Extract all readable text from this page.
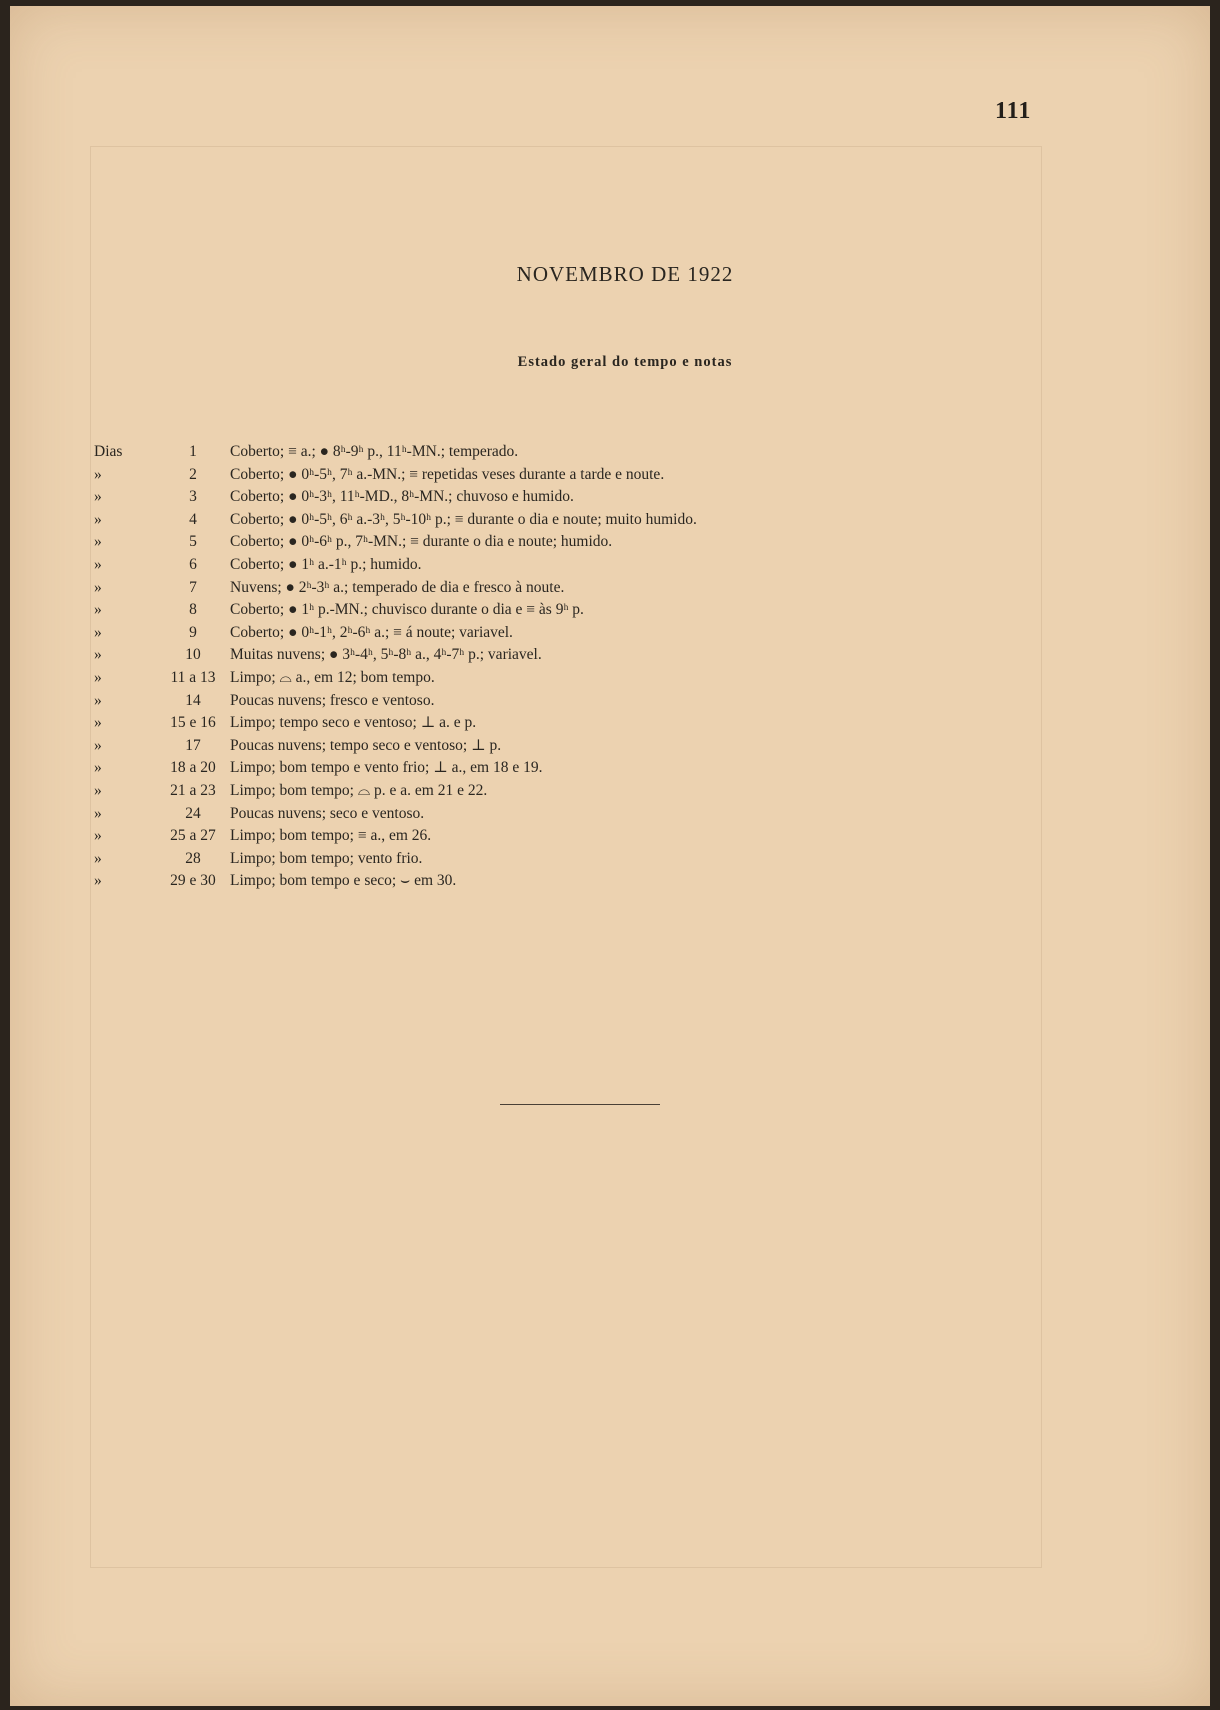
111
NOVEMBRO DE 1922
Estado geral do tempo e notas
Dias	1	Coberto; ≡ a.; ● 8ʰ-9ʰ p., 11ʰ-MN.; temperado.
»	2	Coberto; ● 0ʰ-5ʰ, 7ʰ a.-MN.; ≡ repetidas veses durante a tarde e noute.
»	3	Coberto; ● 0ʰ-3ʰ, 11ʰ-MD., 8ʰ-MN.; chuvoso e humido.
»	4	Coberto; ● 0ʰ-5ʰ, 6ʰ a.-3ʰ, 5ʰ-10ʰ p.; ≡ durante o dia e noute; muito humido.
»	5	Coberto; ● 0ʰ-6ʰ p., 7ʰ-MN.; ≡ durante o dia e noute; humido.
»	6	Coberto; ● 1ʰ a.-1ʰ p.; humido.
»	7	Nuvens; ● 2ʰ-3ʰ a.; temperado de dia e fresco à noute.
»	8	Coberto; ● 1ʰ p.-MN.; chuvisco durante o dia e ≡ às 9ʰ p.
»	9	Coberto; ● 0ʰ-1ʰ, 2ʰ-6ʰ a.; ≡ á noute; variavel.
»	10	Muitas nuvens; ● 3ʰ-4ʰ, 5ʰ-8ʰ a., 4ʰ-7ʰ p.; variavel.
»	11 a 13 Limpo; ⌓ a., em 12; bom tempo.
»	14	Poucas nuvens; fresco e ventoso.
»	15 e 16 Limpo; tempo seco e ventoso; ⊥ a. e p.
»	17	Poucas nuvens; tempo seco e ventoso; ⊥ p.
»	18 a 20 Limpo; bom tempo e vento frio; ⊥ a., em 18 e 19.
»	21 a 23 Limpo; bom tempo; ⌓ p. e a. em 21 e 22.
»	24	Poucas nuvens; seco e ventoso.
»	25 a 27 Limpo; bom tempo; ≡ a., em 26.
»	28	Limpo; bom tempo; vento frio.
»	29 e 30 Limpo; bom tempo e seco; ⌣ em 30.
